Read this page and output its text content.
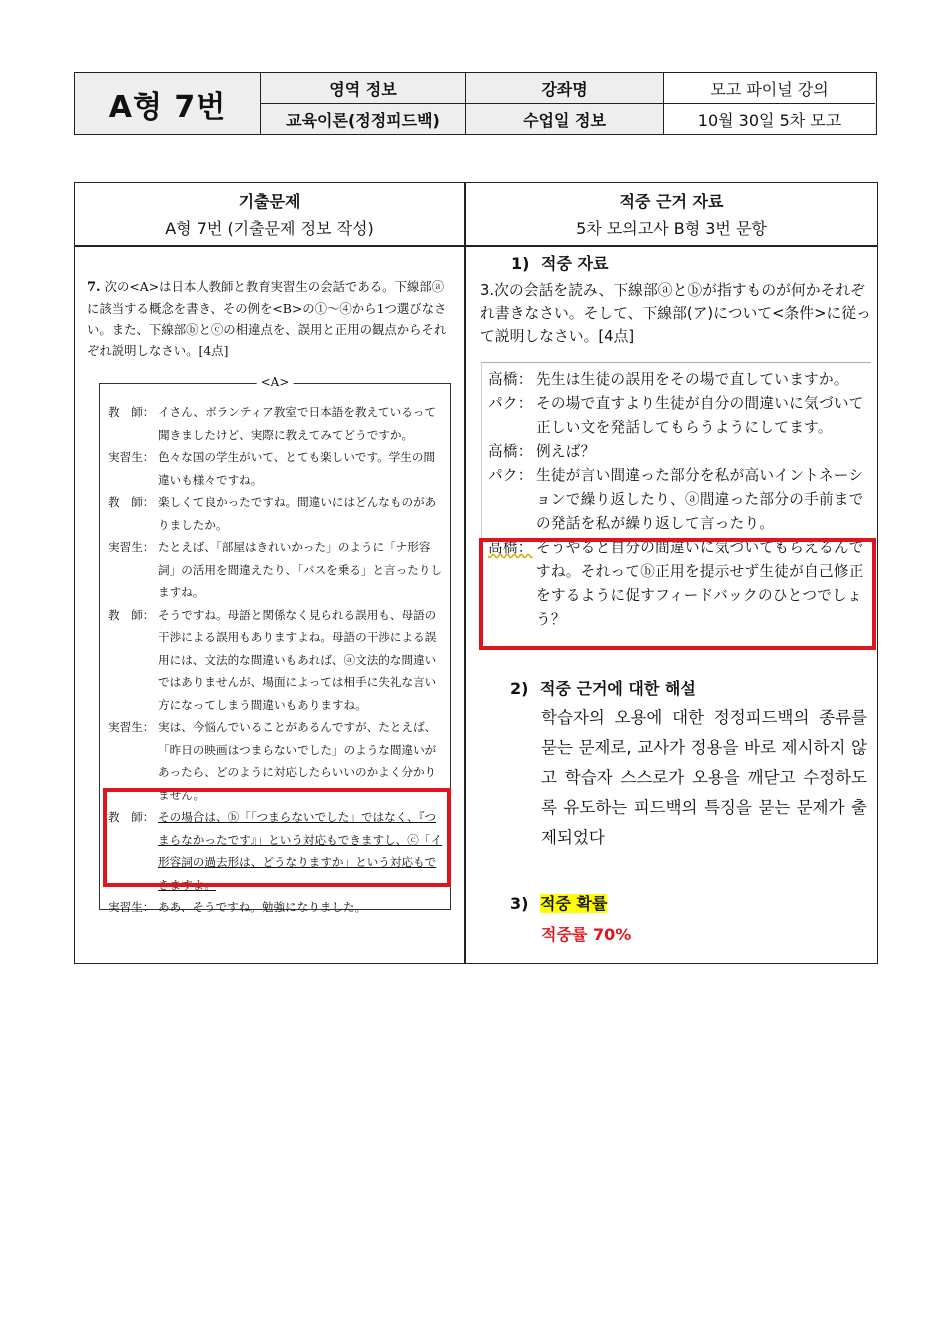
A형 7번
영역 정보
교육이론(정정피드백)
강좌명
수업일 정보
모고 파이널 강의
10월 30일 5차 모고
기출문제
A형 7번 (기출문제 정보 작성)
적중 근거 자료
5차 모의고사 B형 3번 문항
7. 次の<A>は日本人教師と教育実習生の会話である。下線部ⓐに該当する概念を書き、その例を<B>の①～④から1つ選びなさい。また、下線部ⓑとⓒの相違点を、誤用と正用の観点からそれぞれ説明しなさい。[4点]
<A>
教　師： イさん、ボランティア教室で日本語を教えているって聞きましたけど、実際に教えてみてどうですか。
実習生： 色々な国の学生がいて、とても楽しいです。学生の間違いも様々ですね。
教　師： 楽しくて良かったですね。間違いにはどんなものがありましたか。
実習生： たとえば、「部屋はきれいかった」のように「ナ形容詞」の活用を間違えたり、「バスを乗る」と言ったりしますね。
教　師： そうですね。母語と関係なく見られる誤用も、母語の干渉による誤用もありますよね。母語の干渉による誤用には、文法的な間違いもあれば、ⓐ文法的な間違いではありませんが、場面によっては相手に失礼な言い方になってしまう間違いもありますね。
実習生： 実は、今悩んでいることがあるんですが、たとえば、「昨日の映画はつまらないでした」のような間違いがあったら、どのように対応したらいいのかよく分かりません。
教　師： その場合は、ⓑ「「つまらないでした」ではなく、『つまらなかったです』」という対応もできますし、ⓒ「イ形容詞の過去形は、どうなりますか」という対応もできますよ。
実習生： ああ、そうですね。勉強になりました。
1) 적중 자료
3.次の会話を読み、下線部ⓐとⓑが指すものが何かそれぞれ書きなさい。そして、下線部(ア)について<条件>に従って説明しなさい。[4点]
高橋： 先生は生徒の誤用をその場で直していますか。
パク： その場で直すより生徒が自分の間違いに気づいて正しい文を発話してもらうようにしてます。
高橋： 例えば？
パク： 生徒が言い間違った部分を私が高いイントネーションで繰り返したり、ⓐ間違った部分の手前までの発話を私が繰り返して言ったり。
高橋： そうやると自分の間違いに気づいてもらえるんですね。それってⓑ正用を提示せず生徒が自己修正をするように促すフィードバックのひとつでしょう？
2) 적중 근거에 대한 해설
학습자의 오용에 대한 정정피드백의 종류를 묻는 문제로, 교사가 정용을 바로 제시하지 않고 학습자 스스로가 오용을 깨닫고 수정하도록 유도하는 피드백의 특징을 묻는 문제가 출제되었다
3) 적중 확률
적중률 70%
